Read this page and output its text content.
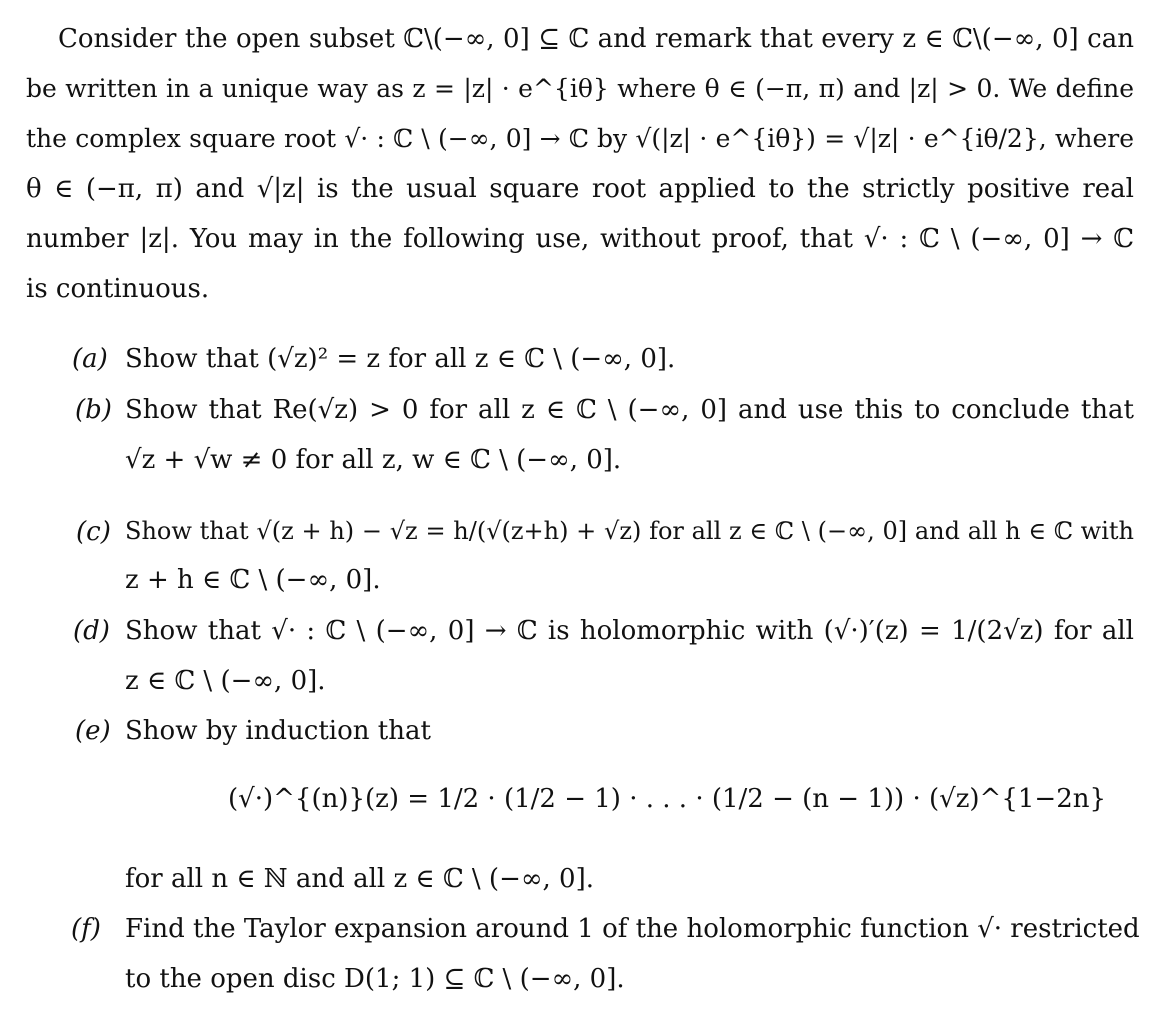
Consider the open subset ℂ\(−∞, 0] ⊆ ℂ and remark that every z ∈ ℂ\(−∞, 0] can
be written in a unique way as z = |z| · e^{iθ} where θ ∈ (−π, π) and |z| > 0. We define
the complex square root √· : ℂ \ (−∞, 0] → ℂ by √(|z| · e^{iθ}) = √|z| · e^{iθ/2}, where
θ ∈ (−π, π) and √|z| is the usual square root applied to the strictly positive real
number |z|. You may in the following use, without proof, that √· : ℂ \ (−∞, 0] → ℂ
is continuous.
(a) Show that (√z)² = z for all z ∈ ℂ \ (−∞, 0].
(b) Show that Re(√z) > 0 for all z ∈ ℂ \ (−∞, 0] and use this to conclude that
√z + √w ≠ 0 for all z, w ∈ ℂ \ (−∞, 0].
(c) Show that √(z + h) − √z = h/(√(z+h) + √z) for all z ∈ ℂ \ (−∞, 0] and all h ∈ ℂ with
z + h ∈ ℂ \ (−∞, 0].
(d) Show that √· : ℂ \ (−∞, 0] → ℂ is holomorphic with (√·)′(z) = 1/(2√z) for all
z ∈ ℂ \ (−∞, 0].
(e) Show by induction that
(√·)^{(n)}(z) = 1/2 · (1/2 − 1) · . . . · (1/2 − (n − 1)) · (√z)^{1−2n}
for all n ∈ ℕ and all z ∈ ℂ \ (−∞, 0].
(f) Find the Taylor expansion around 1 of the holomorphic function √· restricted
to the open disc D(1; 1) ⊆ ℂ \ (−∞, 0].
